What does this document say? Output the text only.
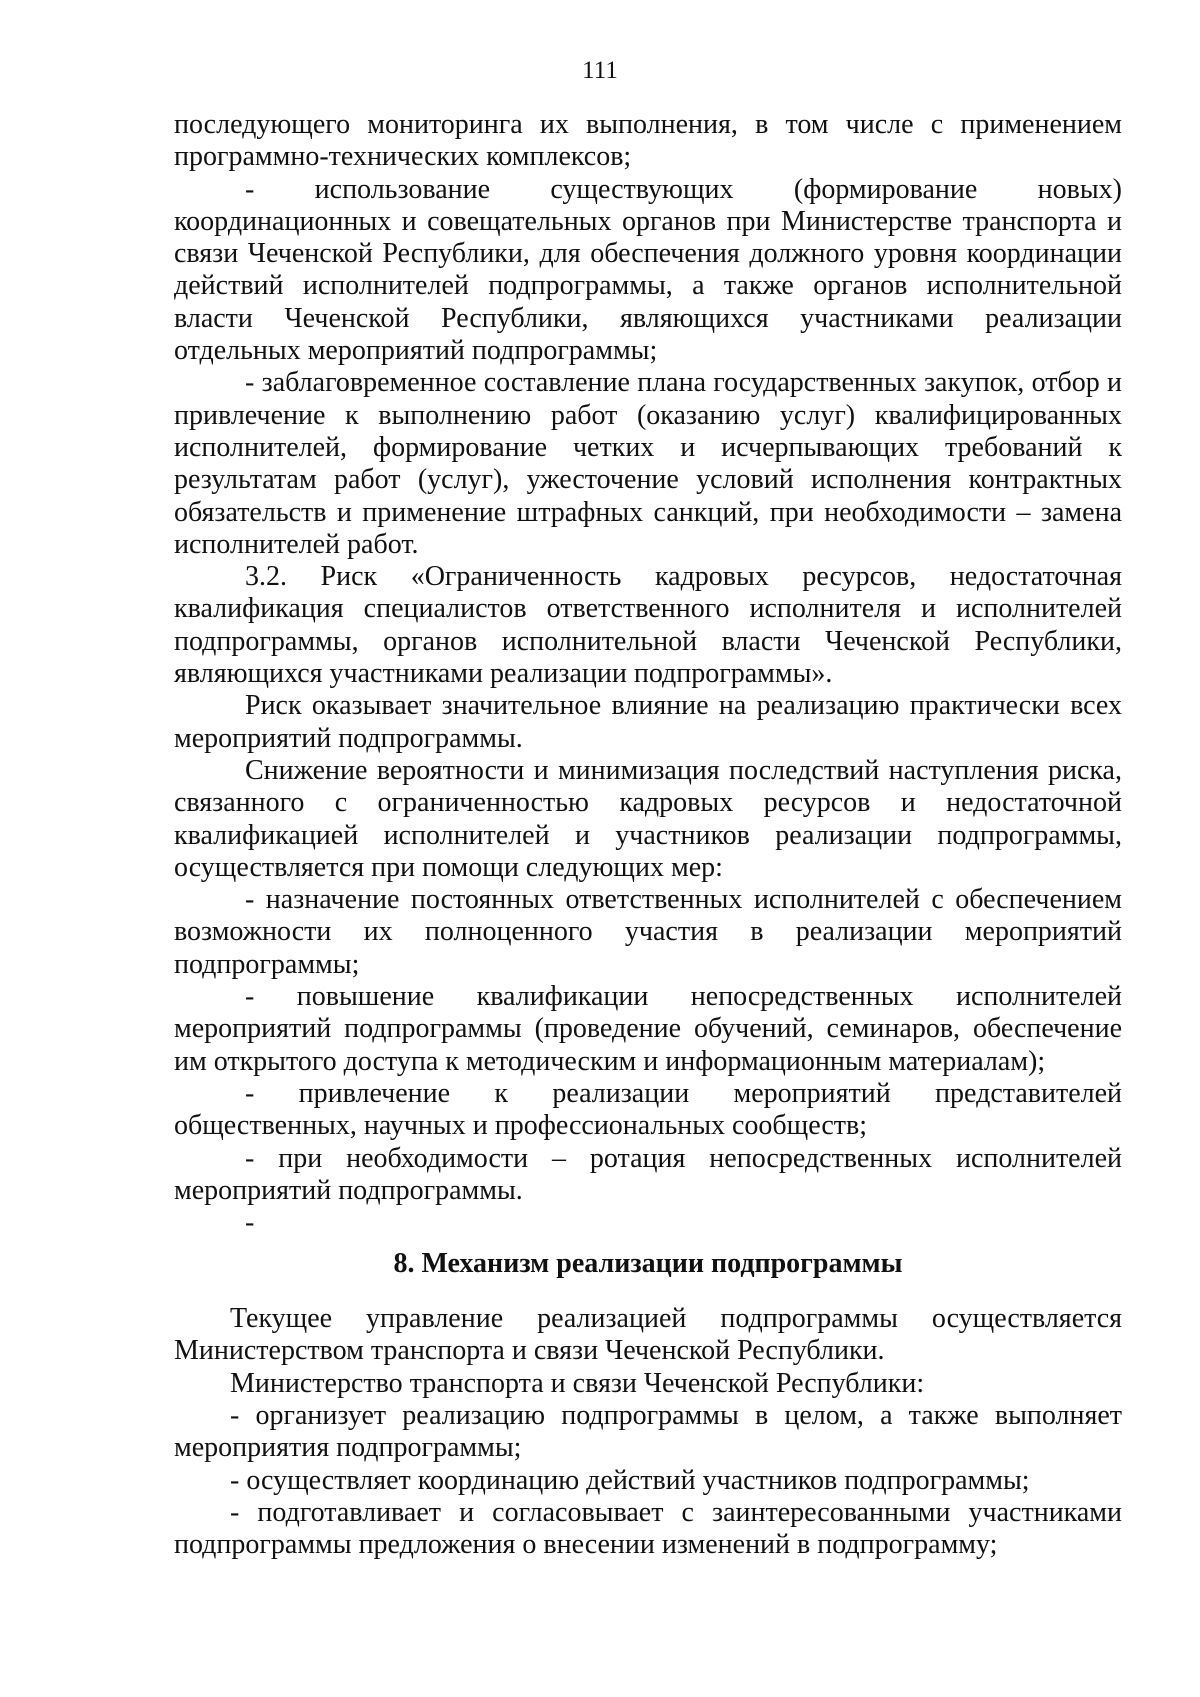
111

последующего мониторинга их выполнения, в том числе с применением программно-технических комплексов;

- использование существующих (формирование новых) координационных и совещательных органов при Министерстве транспорта и связи Чеченской Республики, для обеспечения должного уровня координации действий исполнителей подпрограммы, а также органов исполнительной власти Чеченской Республики, являющихся участниками реализации отдельных мероприятий подпрограммы;

- заблаговременное составление плана государственных закупок, отбор и привлечение к выполнению работ (оказанию услуг) квалифицированных исполнителей, формирование четких и исчерпывающих требований к результатам работ (услуг), ужесточение условий исполнения контрактных обязательств и применение штрафных санкций, при необходимости – замена исполнителей работ.

3.2. Риск «Ограниченность кадровых ресурсов, недостаточная квалификация специалистов ответственного исполнителя и исполнителей подпрограммы, органов исполнительной власти Чеченской Республики, являющихся участниками реализации подпрограммы».

Риск оказывает значительное влияние на реализацию практически всех мероприятий подпрограммы.

Снижение вероятности и минимизация последствий наступления риска, связанного с ограниченностью кадровых ресурсов и недостаточной квалификацией исполнителей и участников реализации подпрограммы, осуществляется при помощи следующих мер:

- назначение постоянных ответственных исполнителей с обеспечением возможности их полноценного участия в реализации мероприятий подпрограммы;

- повышение квалификации непосредственных исполнителей мероприятий подпрограммы (проведение обучений, семинаров, обеспечение им открытого доступа к методическим и информационным материалам);

- привлечение к реализации мероприятий представителей общественных, научных и профессиональных сообществ;

- при необходимости – ротация непосредственных исполнителей мероприятий подпрограммы.

-

8. Механизм реализации подпрограммы

Текущее управление реализацией подпрограммы осуществляется Министерством транспорта и связи Чеченской Республики.

Министерство транспорта и связи Чеченской Республики:

- организует реализацию подпрограммы в целом, а также выполняет мероприятия подпрограммы;

- осуществляет координацию действий участников подпрограммы;

- подготавливает и согласовывает с заинтересованными участниками подпрограммы предложения о внесении изменений в подпрограмму;
